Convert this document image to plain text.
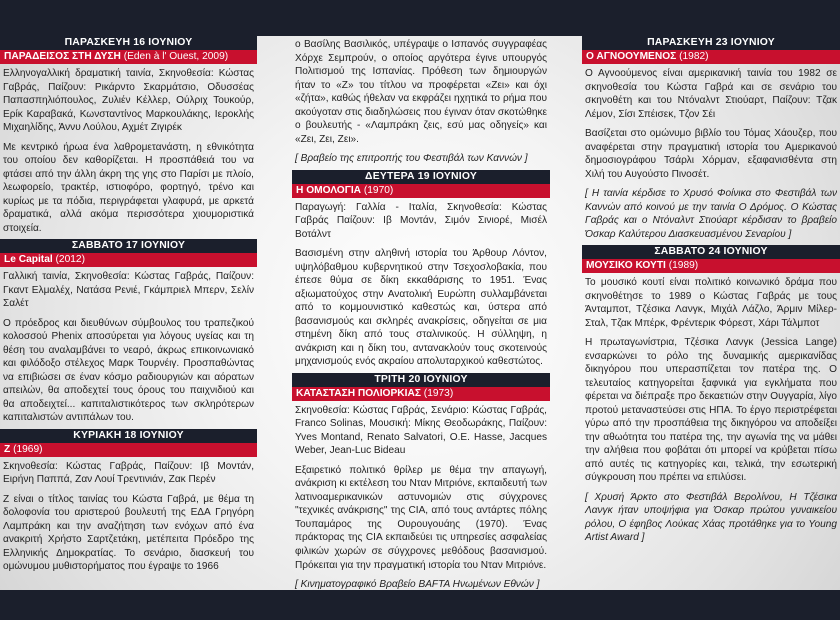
ΠΑΡΑΣΚΕΥΗ 16 ΙΟΥΝΙΟΥ
ΠΑΡΑΔΕΙΣΟΣ ΣΤΗ ΔΥΣΗ (Eden à l' Ouest, 2009)
Ελληνογαλλική δραματική ταινία, Σκηνοθεσία: Κώστας Γαβράς, Παίζουν: Ρικάρντο Σκαρμάτσιο, Οδυσσέας Παπασπηλιόπουλος, Ζυλιέν Κέλλερ, Ούλριχ Τουκούρ, Ερίκ Καραβακά, Κωνσταντίνος Μαρκουλάκης, Ιεροκλής Μιχαηλίδης, Άννυ Λούλου, Αχμέτ Ζιγιρέκ
Με κεντρικό ήρωα ένα λαθρομετανάστη, η εθνικότητα του οποίου δεν καθορίζεται. Η προσπάθειά του να φτάσει από την άλλη άκρη της γης στο Παρίσι με πλοίο, λεωφορείο, τρακτέρ, ιστιοφόρο, φορτηγό, τρένο και κυρίως με τα πόδια, περιγράφεται γλαφυρά, με αρκετά δραματικά, αλλά ακόμα περισσότερα χιουμοριστικά στοιχεία.
ΣΑΒΒΑΤΟ 17 ΙΟΥΝΙΟΥ
Le Capital (2012)
Γαλλική ταινία, Σκηνοθεσία: Κώστας Γαβράς, Παίζουν: Γκαντ Ελμαλέχ, Νατάσα Ρενιέ, Γκάμπριελ Μπερν, Σελίν Σαλέτ
Ο πρόεδρος και διευθύνων σύμβουλος του τραπεζικού κολοσσού Phenix αποσύρεται για λόγους υγείας και τη θέση του αναλαμβάνει το νεαρό, άκρως επικοινωνιακό και φιλόδοξο στέλεχος Μαρκ Τουρνέιγ. Προσπαθώντας να επιβιώσει σε έναν κόσμο ραδιουργιών και αόρατων απειλών, θα αποδεχτεί τους όρους του παιχνιδιού και θα αποδειχτεί... καπιταλιστικότερος των σκληρότερων καπιταλιστών αντιπάλων του.
ΚΥΡΙΑΚΗ 18 ΙΟΥΝΙΟΥ
Z (1969)
Σκηνοθεσία: Κώστας Γαβράς, Παίζουν: Ιβ Μοντάν, Ειρήνη Παππά, Ζαν Λουί Τρεντινιάν, Ζακ Περέν
Ζ είναι ο τίτλος ταινίας του Κώστα Γαβρά, με θέμα τη δολοφονία του αριστερού βουλευτή της ΕΔΑ Γρηγόρη Λαμπράκη και την αναζήτηση των ενόχων από ένα ανακριτή Χρήστο Σαρτζετάκη, μετέπειτα Πρόεδρο της Ελληνικής Δημοκρατίας. Το σενάριο, διασκευή του ομώνυμου μυθιστορήματος που έγραψε το 1966
ο Βασίλης Βασιλικός, υπέγραψε ο Ισπανός συγγραφέας Χόρχε Σεμπρούν, ο οποίος αργότερα έγινε υπουργός Πολιτισμού της Ισπανίας. Πρόθεση των δημιουργών ήταν το «Ζ» του τίτλου να προφέρεται «Ζει» και όχι «ζήτα», καθώς ήθελαν να εκφράζει ηχητικά το ρήμα που ακούγοταν στις διαδηλώσεις που έγιναν όταν σκοτώθηκε ο βουλευτής - «Λαμπράκη ζεις, εσύ μας οδηγείς» και «Ζει, Ζει, Ζει».
[ Βραβείο της επιτροπής του Φεστιβάλ των Καννών ]
ΔΕΥΤΕΡΑ 19 ΙΟΥΝΙΟΥ
Η ΟΜΟΛΟΓΙΑ (1970)
Παραγωγή: Γαλλία - Ιταλία, Σκηνοθεσία: Κώστας Γαβράς Παίζουν: Ιβ Μοντάν, Σιμόν Σινιορέ, Μισέλ Βοτάλντ
Βασισμένη στην αληθινή ιστορία του Άρθουρ Λόντον, υψηλόβαθμου κυβερνητικού στην Τσεχοσλοβακία, που έπεσε θύμα σε δίκη εκκαθάρισης το 1951. Ένας αξιωματούχος στην Ανατολική Ευρώπη συλλαμβάνεται από το κομμουνιστικό καθεστώς και, ύστερα από βασανισμούς και σκληρές ανακρίσεις, οδηγείται σε μια στημένη δίκη από τους σταλινικούς. Η σύλληψη, η ανάκριση και η δίκη του, αντανακλούν τους σκοτεινούς μηχανισμούς ενός ακραίου απολυταρχικού καθεστώτος.
ΤΡΙΤΗ 20 ΙΟΥΝΙΟΥ
ΚΑΤΑΣΤΑΣΗ ΠΟΛΙΟΡΚΙΑΣ (1973)
Σκηνοθεσία: Κώστας Γαβράς, Σενάριο: Κώστας Γαβράς, Franco Solinas, Μουσική: Μίκης Θεοδωράκης, Παίζουν: Yves Montand, Renato Salvatori, O.E. Hasse, Jacques Weber, Jean-Luc Bideau
Εξαιρετικό πολιτικό θρίλερ με θέμα την απαγωγή, ανάκριση κι εκτέλεση του Νταν Μιτριόνε, εκπαιδευτή των λατινοαμερικανικών αστυνομιών στις σύγχρονες "τεχνικές ανάκρισης" της CIA, από τους αντάρτες πόλης Τουπαμάρος της Ουρουγουάης (1970). Ένας πράκτορας της CIA εκπαιδεύει τις υπηρεσίες ασφαλείας φιλικών χωρών σε σύγχρονες μεθόδους βασανισμού. Πρόκειται για την πραγματική ιστορία του Νταν Μιτριόνε.
[ Κινηματογραφικό Βραβείο BAFTA Ηνωμένων Εθνών ]
ΠΑΡΑΣΚΕΥΗ 23 ΙΟΥΝΙΟΥ
Ο ΑΓΝΟΟΥΜΕΝΟΣ (1982)
Ο Αγνοούμενος είναι αμερικανική ταινία του 1982 σε σκηνοθεσία του Κώστα Γαβρά και σε σενάριο του σκηνοθέτη και του Ντόναλντ Στιούαρτ, Παίζουν: Τζακ Λέμον, Σίσι Σπέισεκ, Τζον Σέι
Βασίζεται στο ομώνυμο βιβλίο του Τόμας Χάουζερ, που αναφέρεται στην πραγματική ιστορία του Αμερικανού δημοσιογράφου Τσάρλι Χόρμαν, εξαφανισθέντα στη Χιλή του Αυγούστο Πινοσέτ.
[ Η ταινία κέρδισε το Χρυσό Φοίνικα στο Φεστιβάλ των Καννών από κοινού με την ταινία Ο Δρόμος. Ο Κώστας Γαβράς και ο Ντόναλντ Στιούαρτ κέρδισαν το βραβείο Όσκαρ Καλύτερου Διασκευασμένου Σεναρίου ]
ΣΑΒΒΑΤΟ 24 ΙΟΥΝΙΟΥ
ΜΟΥΣΙΚΟ ΚΟΥΤΙ (1989)
Το μουσικό κουτί είναι πολιτικό κοινωνικό δράμα που σκηνοθέτησε το 1989 ο Κώστας Γαβράς με τους Άνταμποτ, Τζέσικα Λανγκ, Μιχάλ Λάζλο, Άρμιν Μίλερ-Σταλ, Τζακ Μπέρκ, Φρέντερικ Φόρεστ, Χάρι Τάλμποτ
Η πρωταγωνίστρια, Τζέσικα Λανγκ (Jessica Lange) ενσαρκώνει το ρόλο της δυναμικής αμερικανίδας δικηγόρου που υπερασπίζεται τον πατέρα της. Ο τελευταίος κατηγορείται ξαφνικά για εγκλήματα που φέρεται να διέπραξε προ δεκαετιών στην Ουγγαρία, λίγο προτού μεταναστεύσει στις ΗΠΑ. Το έργο περιστρέφεται γύρω από την προσπάθεια της δικηγόρου να αποδείξει την αθωότητα του πατέρα της, την αγωνία της να μάθει την αλήθεια που φοβάται ότι μπορεί να κρύβεται πίσω από αυτές τις κατηγορίες και, τελικά, την εσωτερική σύγκρουση που πρέπει να επιλύσει.
[ Χρυσή Άρκτο στο Φεστιβάλ Βερολίνου, Η Τζέσικα Λανγκ ήταν υποψήφια για Όσκαρ πρώτου γυναικείου ρόλου, Ο έφηβος Λούκας Χάας προτάθηκε για το Young Artist Award ]
